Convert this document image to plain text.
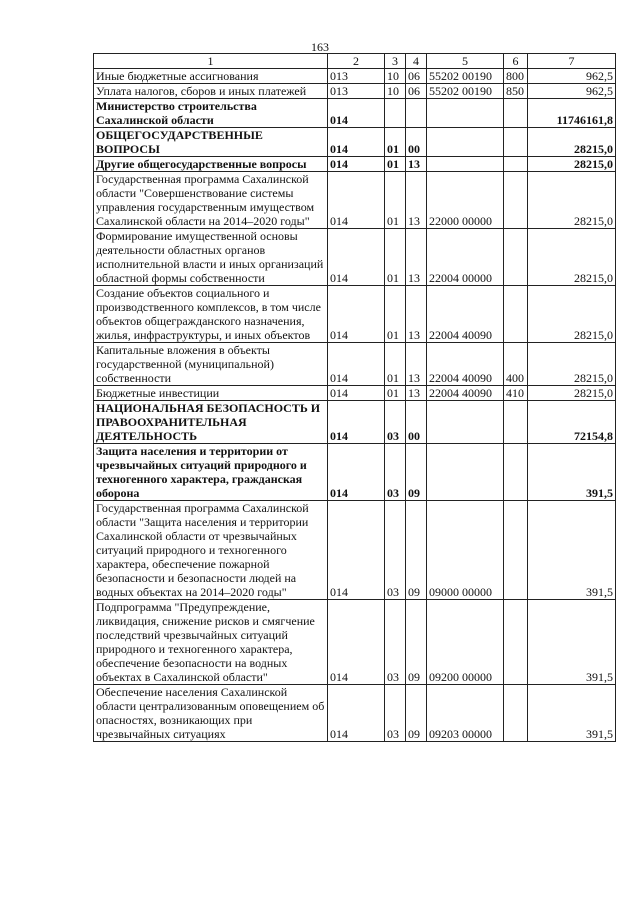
163
1	2	3	4	5	6	7
Иные бюджетные ассигнования	013	10	06	55202 00190	800	962,5
Уплата налогов, сборов и иных платежей	013	10	06	55202 00190	850	962,5
Министерство строительства Сахалинской области	014					11746161,8
ОБЩЕГОСУДАРСТВЕННЫЕ ВОПРОСЫ	014	01	00			28215,0
Другие общегосударственные вопросы	014	01	13			28215,0
Государственная программа Сахалинской области "Совершенствование системы управления государственным имуществом Сахалинской области на 2014–2020 годы"	014	01	13	22000 00000		28215,0
Формирование имущественной основы деятельности областных органов исполнительной власти и иных организаций областной формы собственности	014	01	13	22004 00000		28215,0
Создание объектов социального и производственного комплексов, в том числе объектов общегражданского назначения, жилья, инфраструктуры, и иных объектов	014	01	13	22004 40090		28215,0
Капитальные вложения в объекты государственной (муниципальной) собственности	014	01	13	22004 40090	400	28215,0
Бюджетные инвестиции	014	01	13	22004 40090	410	28215,0
НАЦИОНАЛЬНАЯ БЕЗОПАСНОСТЬ И ПРАВООХРАНИТЕЛЬНАЯ ДЕЯТЕЛЬНОСТЬ	014	03	00			72154,8
Защита населения и территории от чрезвычайных ситуаций природного и техногенного характера, гражданская оборона	014	03	09			391,5
Государственная программа Сахалинской области "Защита населения и территории Сахалинской области от чрезвычайных ситуаций природного и техногенного характера, обеспечение пожарной безопасности и безопасности людей на водных объектах на 2014–2020 годы"	014	03	09	09000 00000		391,5
Подпрограмма "Предупреждение, ликвидация, снижение рисков и смягчение последствий чрезвычайных ситуаций природного и техногенного характера, обеспечение безопасности на водных объектах в Сахалинской области"	014	03	09	09200 00000		391,5
Обеспечение населения Сахалинской области централизованным оповещением об опасностях, возникающих при чрезвычайных ситуациях	014	03	09	09203 00000		391,5
